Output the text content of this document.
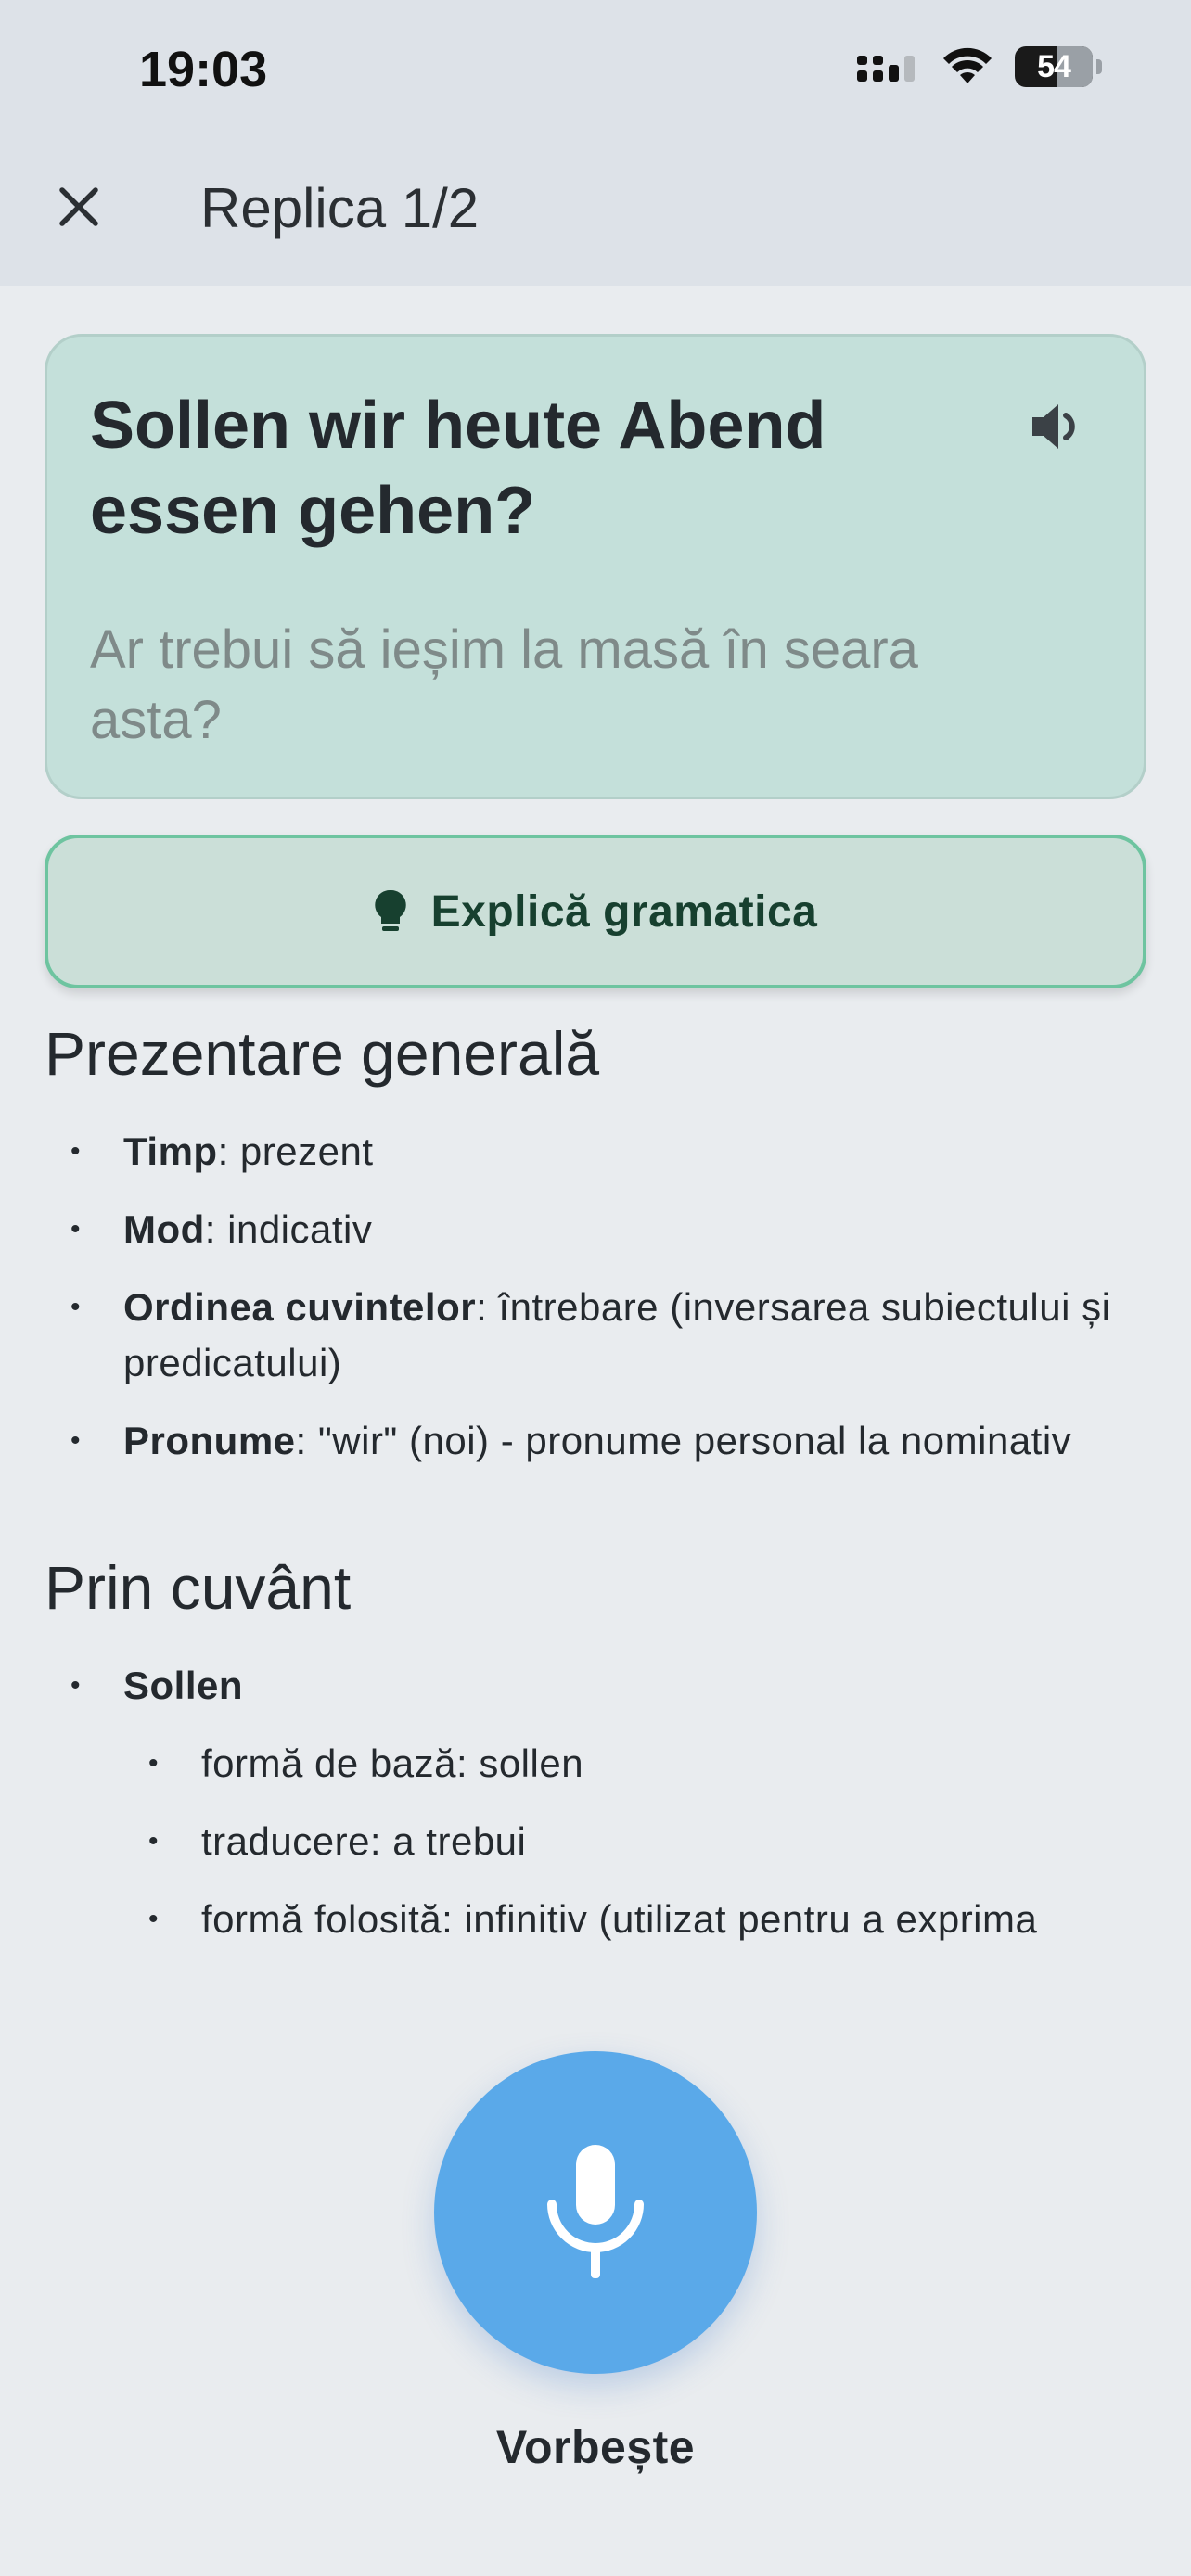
19:03	54
Replica 1/2
Sollen wir heute Abend essen gehen?
Ar trebui să ieșim la masă în seara asta?
Explică gramatica
Prezentare generală
• Timp: prezent
• Mod: indicativ
• Ordinea cuvintelor: întrebare (inversarea subiectului și predicatului)
• Pronume: "wir" (noi) - pronume personal la nominativ
Prin cuvânt
• Sollen
• formă de bază: sollen
• traducere: a trebui
• formă folosită: infinitiv (utilizat pentru a exprima
Vorbește
